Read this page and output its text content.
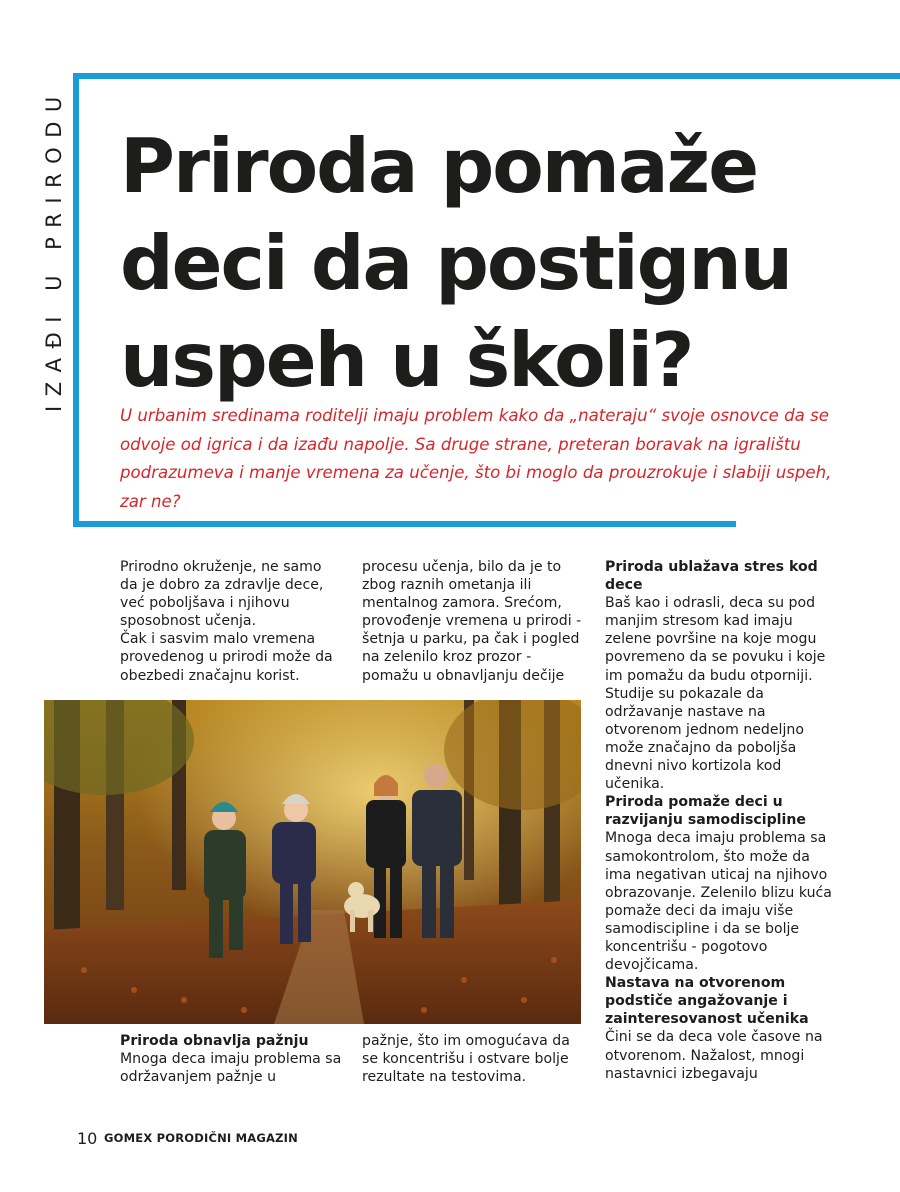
IZAĐI U PRIRODU Priroda pomaže deci da postignu uspeh u školi?

U urbanim sredinama roditelji imaju problem kako da „nateraju“ svoje osnovce da se odvoje od igrica i da izađu napolje. Sa druge strane, preteran boravak na igralištu podrazumeva i manje vremena za učenje, što bi moglo da prouzrokuje i slabiji uspeh, zar ne?

Prirodno okruženje, ne samo da je dobro za zdravlje dece, već poboljšava i njihovu sposobnost učenja.

Čak i sasvim malo vremena provedenog u prirodi može da obezbedi značajnu korist.

procesu učenja, bilo da je to zbog raznih ometanja ili mentalnog zamora. Srećom, provođenje vremena u prirodi - šetnja u parku, pa čak i pogled na zelenilo kroz prozor - pomažu u obnavljanju dečije

Priroda obnavlja pažnju

Mnoga deca imaju problema sa održavanjem pažnje u

pažnje, što im omogućava da se koncentrišu i ostvare bolje rezultate na testovima.

Priroda ublažava stres kod dece

Baš kao i odrasli, deca su pod manjim stresom kad imaju zelene površine na koje mogu povremeno da se povuku i koje im pomažu da budu otporniji. Studije su pokazale da održavanje nastave na otvorenom jednom nedeljno može značajno da poboljša dnevni nivo kortizola kod učenika.

Priroda pomaže deci u razvijanju samodiscipline

Mnoga deca imaju problema sa samokontrolom, što može da ima negativan uticaj na njihovo obrazovanje. Zelenilo blizu kuća pomaže deci da imaju više samodiscipline i da se bolje koncentrišu - pogotovo devojčicama.

Nastava na otvorenom podstiče angažovanje i zainteresovanost učenika

Čini se da deca vole časove na otvorenom. Nažalost, mnogi nastavnici izbegavaju

10 GOMEX PORODIČNI MAGAZIN
